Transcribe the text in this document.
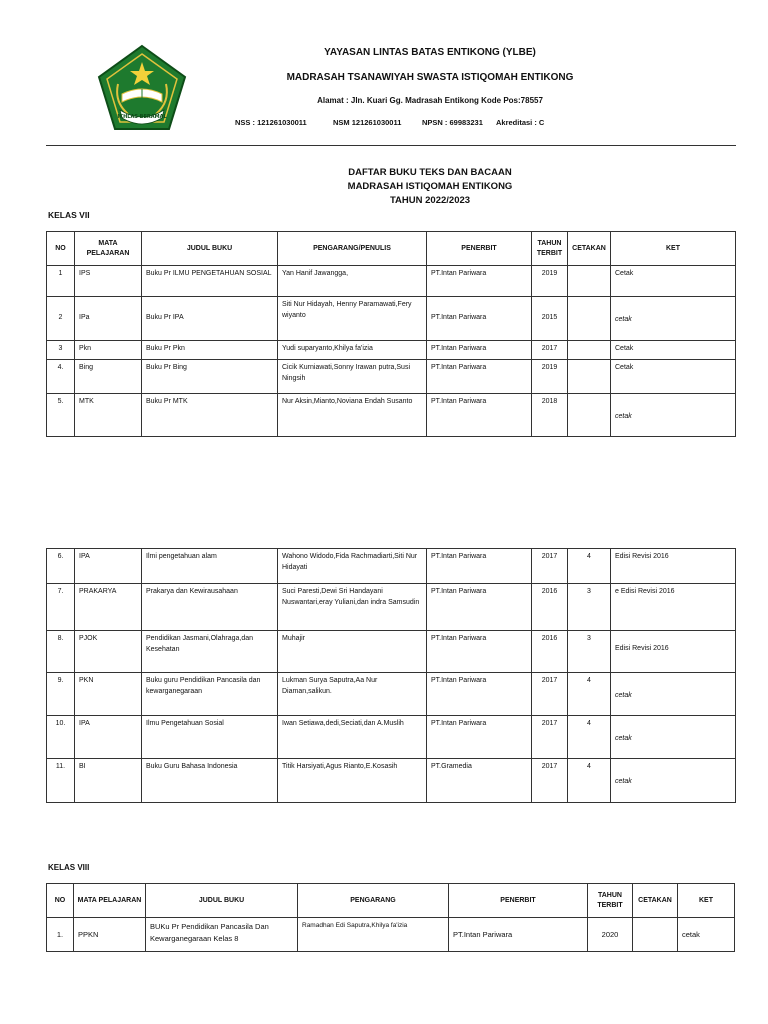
IKHLAS BERAMAL
YAYASAN LINTAS BATAS ENTIKONG (YLBE)
MADRASAH TSANAWIYAH SWASTA ISTIQOMAH ENTIKONG
Alamat : Jln. Kuari Gg. Madrasah Entikong Kode Pos:78557
NSS : 121261030011	NSM 121261030011	NPSN : 69983231 Akreditasi : C
DAFTAR BUKU TEKS DAN BACAAN
MADRASAH ISTIQOMAH ENTIKONG
TAHUN 2022/2023
KELAS VII
NO	MATA PELAJARAN	JUDUL BUKU	PENGARANG/PENULIS	PENERBIT	TAHUN TERBIT	CETAKAN	KET
1	IPS	Buku Pr ILMU PENGETAHUAN SOSIAL	Yan Hanif Jawangga,	PT.Intan Pariwara	2019		Cetak
2	IPa	Buku Pr IPA	Siti Nur Hidayah, Henny Paramawati,Fery wiyanto	PT.Intan Pariwara	2015		cetak

3	Pkn	Buku Pr Pkn	Yudi suparyanto,Khilya fa'izia	PT.Intan Pariwara	2017		Cetak
4.	Bing	Buku Pr Bing	Cicik Kurniawati,Sonny Irawan putra,Susi Ningsih	PT.Intan Pariwara	2019		Cetak
5.	MTK	Buku Pr MTK	Nur Aksin,Mianto,Noviana Endah Susanto	PT.Intan Pariwara	2018		cetak
6.	IPA	Ilmi pengetahuan alam	Wahono Widodo,Fida Rachmadiarti,Siti Nur Hidayati	PT.Intan Pariwara	2017	4	Edisi Revisi 2016
7.	PRAKARYA	Prakarya dan Kewirausahaan	Suci Paresti,Dewi Sri Handayani Nuswantari,eray Yuliani,dan indra Samsudin	PT.Intan Pariwara	2016	3	e Edisi Revisi 2016
8.	PJOK	Pendidikan Jasmani,Olahraga,dan Kesehatan	Muhajir	PT.Intan Pariwara	2016	3	Edisi Revisi 2016

9.	PKN	Buku guru Pendidikan Pancasila dan kewarganegaraan	Lukman Surya Saputra,Aa Nur Diaman,salikun.	PT.Intan Pariwara	2017	4	cetak

10.	IPA	Ilmu Pengetahuan Sosial	Iwan Setiawa,dedi,Seciati,dan A.Muslih	PT.Intan Pariwara	2017	4	cetak

11.	BI	Buku Guru Bahasa Indonesia	Titik Harsiyati,Agus Rianto,E.Kosasih	PT.Gramedia	2017	4	cetak
KELAS VIII
NO	MATA PELAJARAN	JUDUL BUKU	PENGARANG	PENERBIT	TAHUN TERBIT	CETAKAN	KET
1.	PPKN	BUKu Pr Pendidikan Pancasila Dan Kewarganegaraan Kelas 8	Ramadhan Edi Saputra,Khilya fa'izia	PT.Intan Pariwara	2020		cetak
